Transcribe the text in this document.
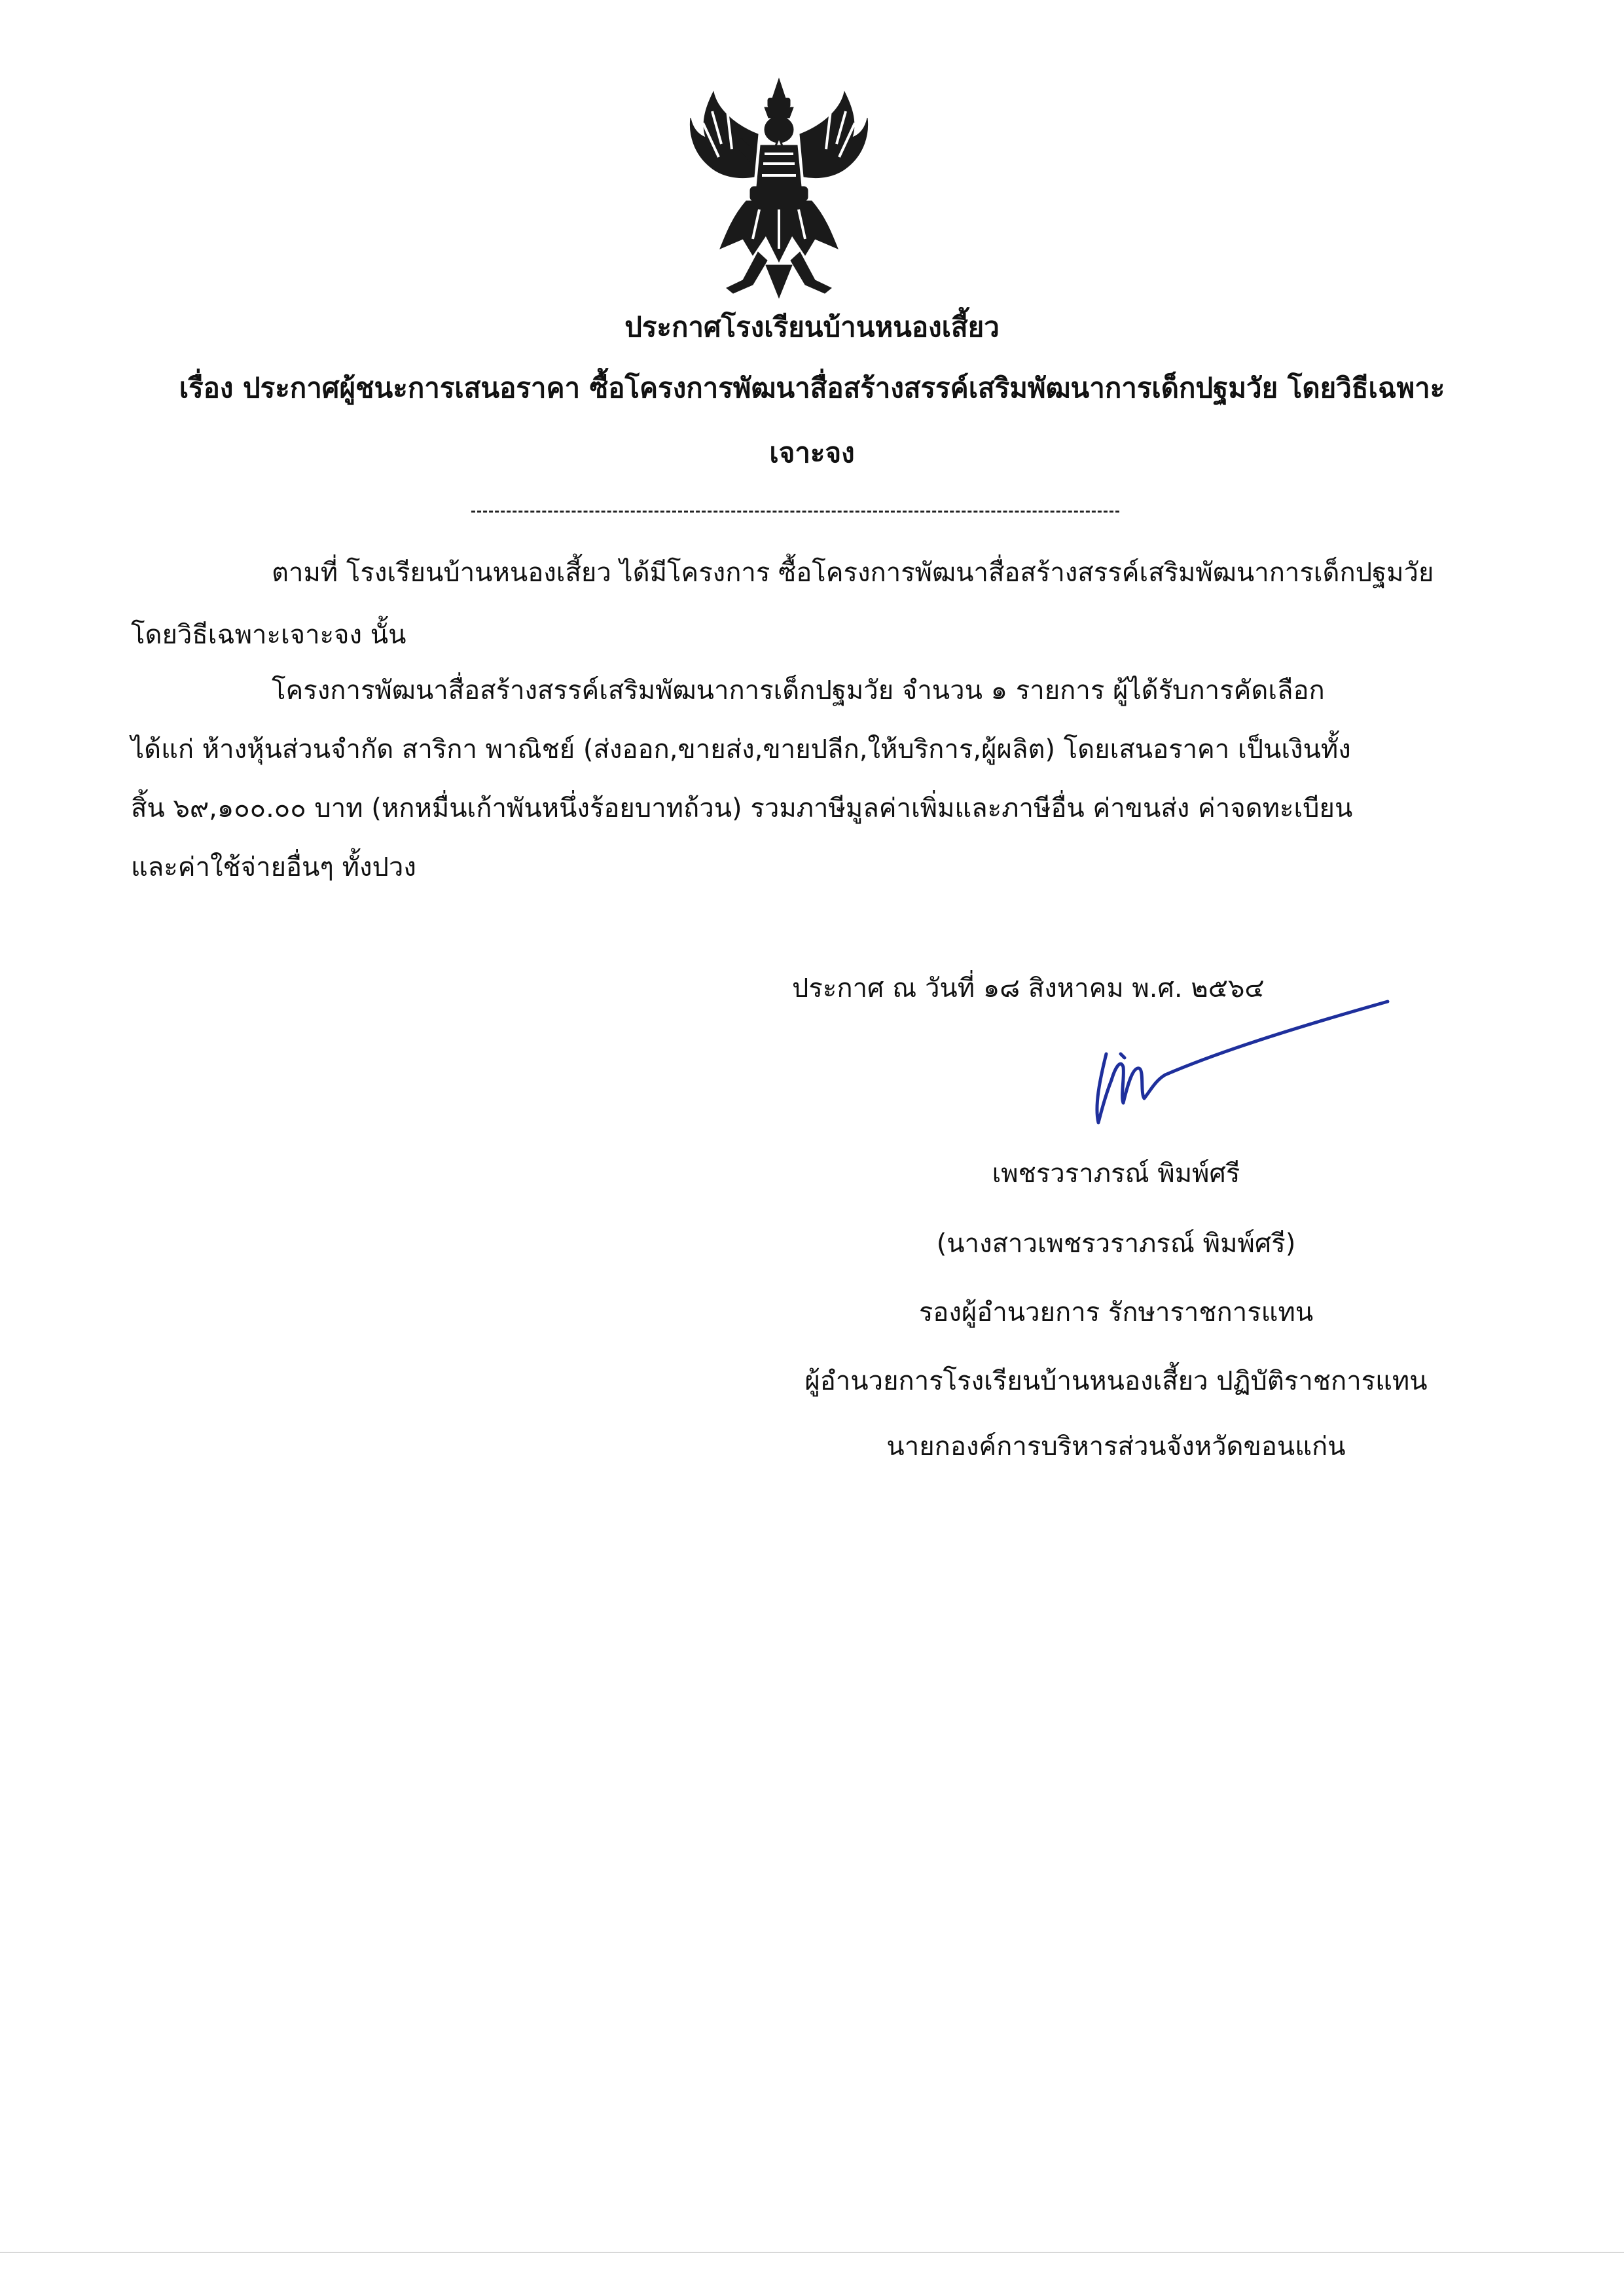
ประกาศโรงเรียนบ้านหนองเสี้ยว
เรื่อง ประกาศผู้ชนะการเสนอราคา ซื้อโครงการพัฒนาสื่อสร้างสรรค์เสริมพัฒนาการเด็กปฐมวัย โดยวิธีเฉพาะ
เจาะจง
ตามที่ โรงเรียนบ้านหนองเสี้ยว ได้มีโครงการ ซื้อโครงการพัฒนาสื่อสร้างสรรค์เสริมพัฒนาการเด็กปฐมวัย
โดยวิธีเฉพาะเจาะจง นั้น
โครงการพัฒนาสื่อสร้างสรรค์เสริมพัฒนาการเด็กปฐมวัย จำนวน ๑ รายการ ผู้ได้รับการคัดเลือก
ได้แก่ ห้างหุ้นส่วนจำกัด สาริกา พาณิชย์ (ส่งออก,ขายส่ง,ขายปลีก,ให้บริการ,ผู้ผลิต) โดยเสนอราคา เป็นเงินทั้ง
สิ้น ๖๙,๑๐๐.๐๐ บาท (หกหมื่นเก้าพันหนึ่งร้อยบาทถ้วน) รวมภาษีมูลค่าเพิ่มและภาษีอื่น ค่าขนส่ง ค่าจดทะเบียน
และค่าใช้จ่ายอื่นๆ ทั้งปวง
ประกาศ ณ วันที่ ๑๘ สิงหาคม พ.ศ. ๒๕๖๔
เพชรวราภรณ์ พิมพ์ศรี
(นางสาวเพชรวราภรณ์ พิมพ์ศรี)
รองผู้อำนวยการ รักษาราชการแทน
ผู้อำนวยการโรงเรียนบ้านหนองเสี้ยว ปฏิบัติราชการแทน
นายกองค์การบริหารส่วนจังหวัดขอนแก่น
